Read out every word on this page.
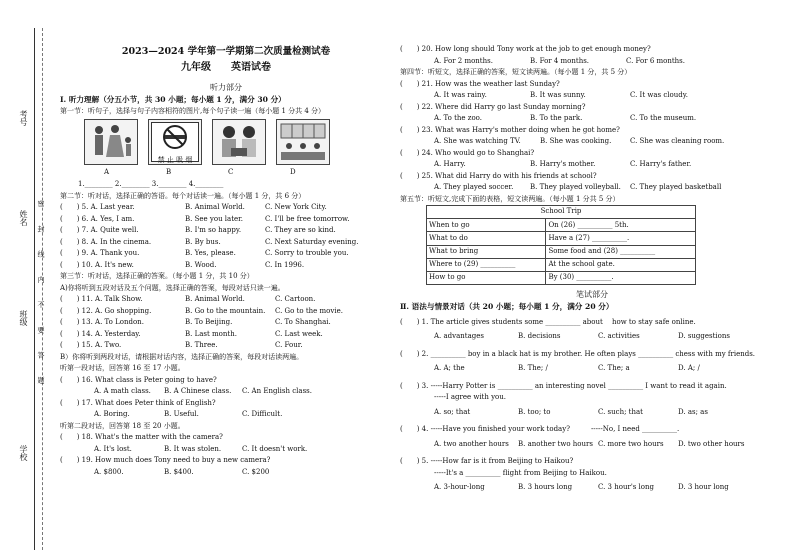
考号
姓名
班级
学校
密 封 线 内 不 要 答 题
2023—2024 学年第一学期第二次质量检测试卷
九年级　　 英语试卷
听力部分
Ⅰ. 听力理解（分五小节，共 30 小题；每小题 1 分，满分 30 分）
第一节：听句子，选择与句子内容相符的图片,每个句子读一遍（每小题 1 分共 4 分）
禁 止 吸 烟
A	B	C	D
1.________ 2.________ 3.________ 4.________
第二节：听对话，选择正确的答语。每个对话读一遍。（每小题 1 分，共 6 分）
(　　) 5. A. Last year.	B. Animal World.	C. New York City.
(　　) 6. A. Yes, I am.	B. See you later.	C. I'll be free tomorrow.
(　　) 7. A. Quite well.	B. I'm so happy.	C. They are so kind.
(　　) 8. A. In the cinema.	B. By bus.	C. Next Saturday evening.
(　　) 9. A. Thank you.	B. Yes, please.	C. Sorry to trouble you.
(　　) 10. A. It's new.	B. Wood.	C. In 1996.
第三节：听对话，选择正确的答案。（每小题 1 分，共 10 分）
A)你将听到五段对话及五个问题，选择正确的答案，每段对话只读一遍。
(　　) 11. A. Talk Show.	B. Animal World.	C. Cartoon.
(　　) 12. A. Go shopping.	B. Go to the mountain.	C. Go to the movie.
(　　) 13. A. To London.	B. To Beijing.	C. To Shanghai.
(　　) 14. A. Yesterday.	B. Last month.	C. Last week.
(　　) 15. A. Two.	B. Three.	C. Four.
B）你将听到两段对话，请根据对话内容，选择正确的答案，每段对话读两遍。
听第一段对话，回答第 16 至 17 小题。
(　　) 16. What class is Peter going to have?
A. A math class.	B. A Chinese class.	C. An English class.
(　　) 17. What does Peter think of English?
A. Boring.	B. Useful.	C. Difficult.
听第二段对话，回答第 18 至 20 小题。
(　　) 18. What's the matter with the camera?
A. It's lost.	B. It was stolen.	C. It doesn't work.
(　　) 19. How much does Tony need to buy a new camera?
A. $800.	B. $400.	C. $200
(　　) 20. How long should Tony work at the job to get enough money?
A. For 2 months.	B. For 4 months.	C. For 6 months.
第四节：听短文，选择正确的答案，短文读两遍。（每小题 1 分，共 5 分）
(　　) 21. How was the weather last Sunday?
A. It was rainy.	B. It was sunny.	C. It was cloudy.
(　　) 22. Where did Harry go last Sunday morning?
A. To the zoo.	B. To the park.	C. To the museum.
(　　) 23. What was Harry's mother doing when he got home?
A. She was watching TV.	B. She was cooking.	C. She was cleaning room.
(　　) 24. Who would go to Shanghai?
A. Harry.	B. Harry's mother.	C. Harry's father.
(　　) 25. What did Harry do with his friends at school?
A. They played soccer.	B. They played volleyball.	C. They played basketball
第五节：听短文,完成下面的表格，短文读两遍。（每小题 1 分共 5 分）
School Trip	
When to go	On (26) __________ 5th.
What to do	Have a (27) __________.
What to bring	Some food and (28) __________
Where to (29) __________	At the school gate.
How to go	By (30) __________.
笔试部分
Ⅱ. 语法与情景对话（共 20 小题；每小题 1 分，满分 20 分）
(　　) 1. The article gives students some __________ about　 how to stay safe online.
A. advantages	B. decisions	C. activities	D. suggestions
(　　) 2. __________ boy in a black hat is my brother. He often plays __________ chess with my friends.
A. A; the	B. The; /	C. The; a	D. A; /
(　　) 3. -----Harry Potter is __________ an interesting novel __________ I want to read it again.
-----I agree with you.
A. so; that	B. too; to	C. such; that	D. as; as
(　　) 4. -----Have you finished your work today?　　　-----No, I need __________.
A. two another hours	B. another two hours C. more two hours	D. two other hours
(　　) 5. -----How far is it from Beijing to Haikou?
-----It's a __________ flight from Beijing to Haikou.
A. 3-hour-long	B. 3 hours long	C. 3 hour's long	D. 3 hour long
